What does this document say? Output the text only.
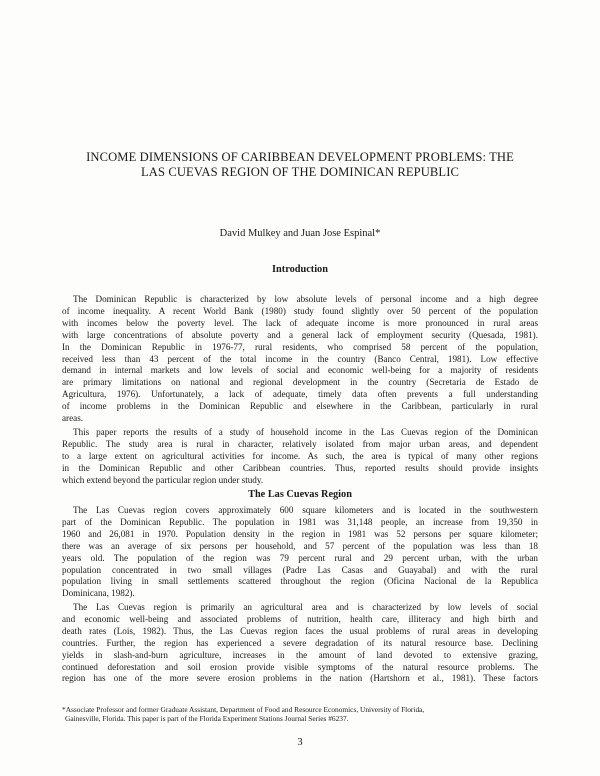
INCOME DIMENSIONS OF CARIBBEAN DEVELOPMENT PROBLEMS: THE
LAS CUEVAS REGION OF THE DOMINICAN REPUBLIC
David Mulkey and Juan Jose Espinal*
Introduction
The Dominican Republic is characterized by low absolute levels of personal income and a high degree
of income inequality. A recent World Bank (1980) study found slightly over 50 percent of the population
with incomes below the poverty level. The lack of adequate income is more pronounced in rural areas
with large concentrations of absolute poverty and a general lack of employment security (Quesada, 1981).
In the Dominican Republic in 1976-77, rural residents, who comprised 58 percent of the population,
received less than 43 percent of the total income in the country (Banco Central, 1981). Low effective
demand in internal markets and low levels of social and economic well-being for a majority of residents
are primary limitations on national and regional development in the country (Secretaria de Estado de
Agricultura, 1976). Unfortunately, a lack of adequate, timely data often prevents a full understanding
of income problems in the Dominican Republic and elsewhere in the Caribbean, particularly in rural
areas.
This paper reports the results of a study of household income in the Las Cuevas region of the Dominican
Republic. The study area is rural in character, relatively isolated from major urban areas, and dependent
to a large extent on agricultural activities for income. As such, the area is typical of many other regions
in the Dominican Republic and other Caribbean countries. Thus, reported results should provide insights
which extend beyond the particular region under study.
The Las Cuevas Region
The Las Cuevas region covers approximately 600 square kilometers and is located in the southwestern
part of the Dominican Republic. The population in 1981 was 31,148 people, an increase from 19,350 in
1960 and 26,081 in 1970. Population density in the region in 1981 was 52 persons per square kilometer;
there was an average of six persons per household, and 57 percent of the population was less than 18
years old. The population of the region was 79 percent rural and 29 percent urban, with the urban
population concentrated in two small villages (Padre Las Casas and Guayabal) and with the rural
population living in small settlements scattered throughout the region (Oficina Nacional de la Republica
Dominicana, 1982).
The Las Cuevas region is primarily an agricultural area and is characterized by low levels of social
and economic well-being and associated problems of nutrition, health care, illiteracy and high birth and
death rates (Lois, 1982). Thus, the Las Cuevas region faces the usual problems of rural areas in developing
countries. Further, the region has experienced a severe degradation of its natural resource base. Declining
yields in slash-and-burn agriculture, increases in the amount of land devoted to extensive grazing,
continued deforestation and soil erosion provide visible symptoms of the natural resource problems. The
region has one of the more severe erosion problems in the nation (Hartshorn et al., 1981). These factors
*Associate Professor and former Graduate Assistant, Department of Food and Resource Economics, University of Florida,
Gainesville, Florida. This paper is part of the Florida Experiment Stations Journal Series #6237.
3
